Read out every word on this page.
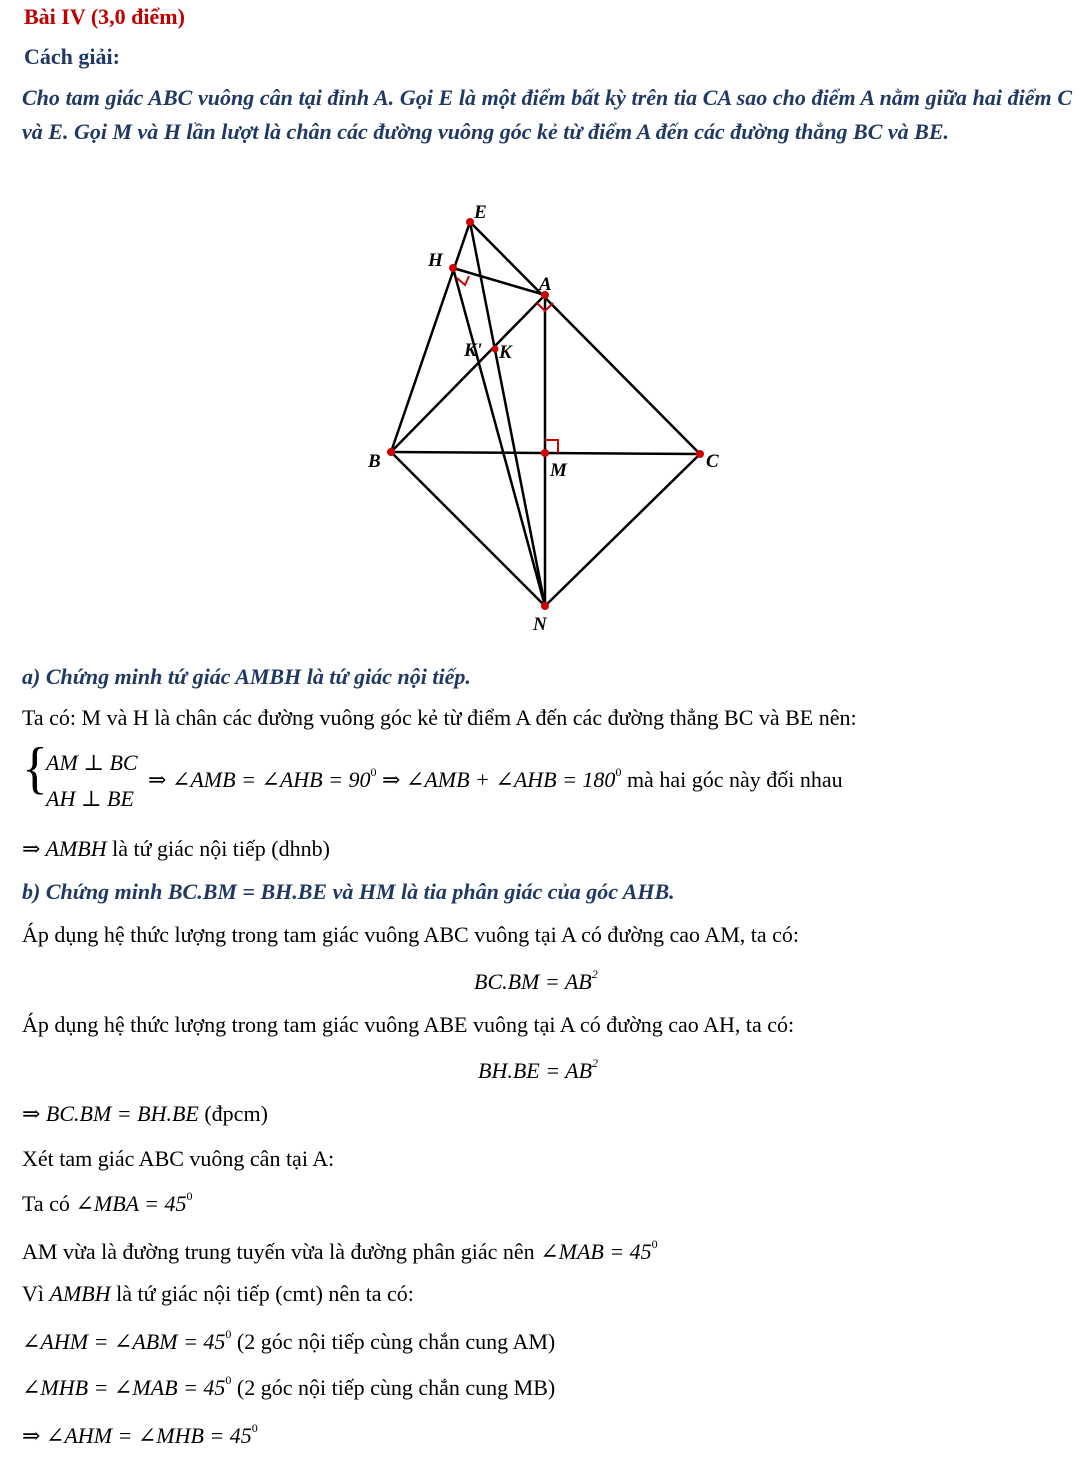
Bài IV (3,0 điểm)
Cách giải:
Cho tam giác ABC vuông cân tại đỉnh A. Gọi E là một điểm bất kỳ trên tia CA sao cho điểm A nằm giữa hai điểm C và E. Gọi M và H lần lượt là chân các đường vuông góc kẻ từ điểm A đến các đường thẳng BC và BE.
E
H
A
K' K
B	M	C
N
a) Chứng minh tứ giác AMBH là tứ giác nội tiếp.
Ta có: M và H là chân các đường vuông góc kẻ từ điểm A đến các đường thẳng BC và BE nên:
{
AM ⊥ BC
AH ⊥ BE
⇒ ∠AMB = ∠AHB = $90^0$ ⇒ ∠AMB + ∠AHB = $180^0$ mà hai góc này đối nhau
⇒ AMBH là tứ giác nội tiếp (dhnb)
b) Chứng minh BC.BM = BH.BE và HM là tia phân giác của góc AHB.
Áp dụng hệ thức lượng trong tam giác vuông ABC vuông tại A có đường cao AM, ta có:
$BC.BM = AB^2$
Áp dụng hệ thức lượng trong tam giác vuông ABE vuông tại A có đường cao AH, ta có:
$BH.BE = AB^2$
⇒ BC.BM = BH.BE (đpcm)
Xét tam giác ABC vuông cân tại A:
Ta có ∠MBA = $45^0$
AM vừa là đường trung tuyến vừa là đường phân giác nên ∠MAB = $45^0$
Vì AMBH là tứ giác nội tiếp (cmt) nên ta có:
∠AHM = ∠ABM = $45^0$ (2 góc nội tiếp cùng chắn cung AM)
∠MHB = ∠MAB = $45^0$ (2 góc nội tiếp cùng chắn cung MB)
⇒ ∠AHM = ∠MHB = $45^0$
